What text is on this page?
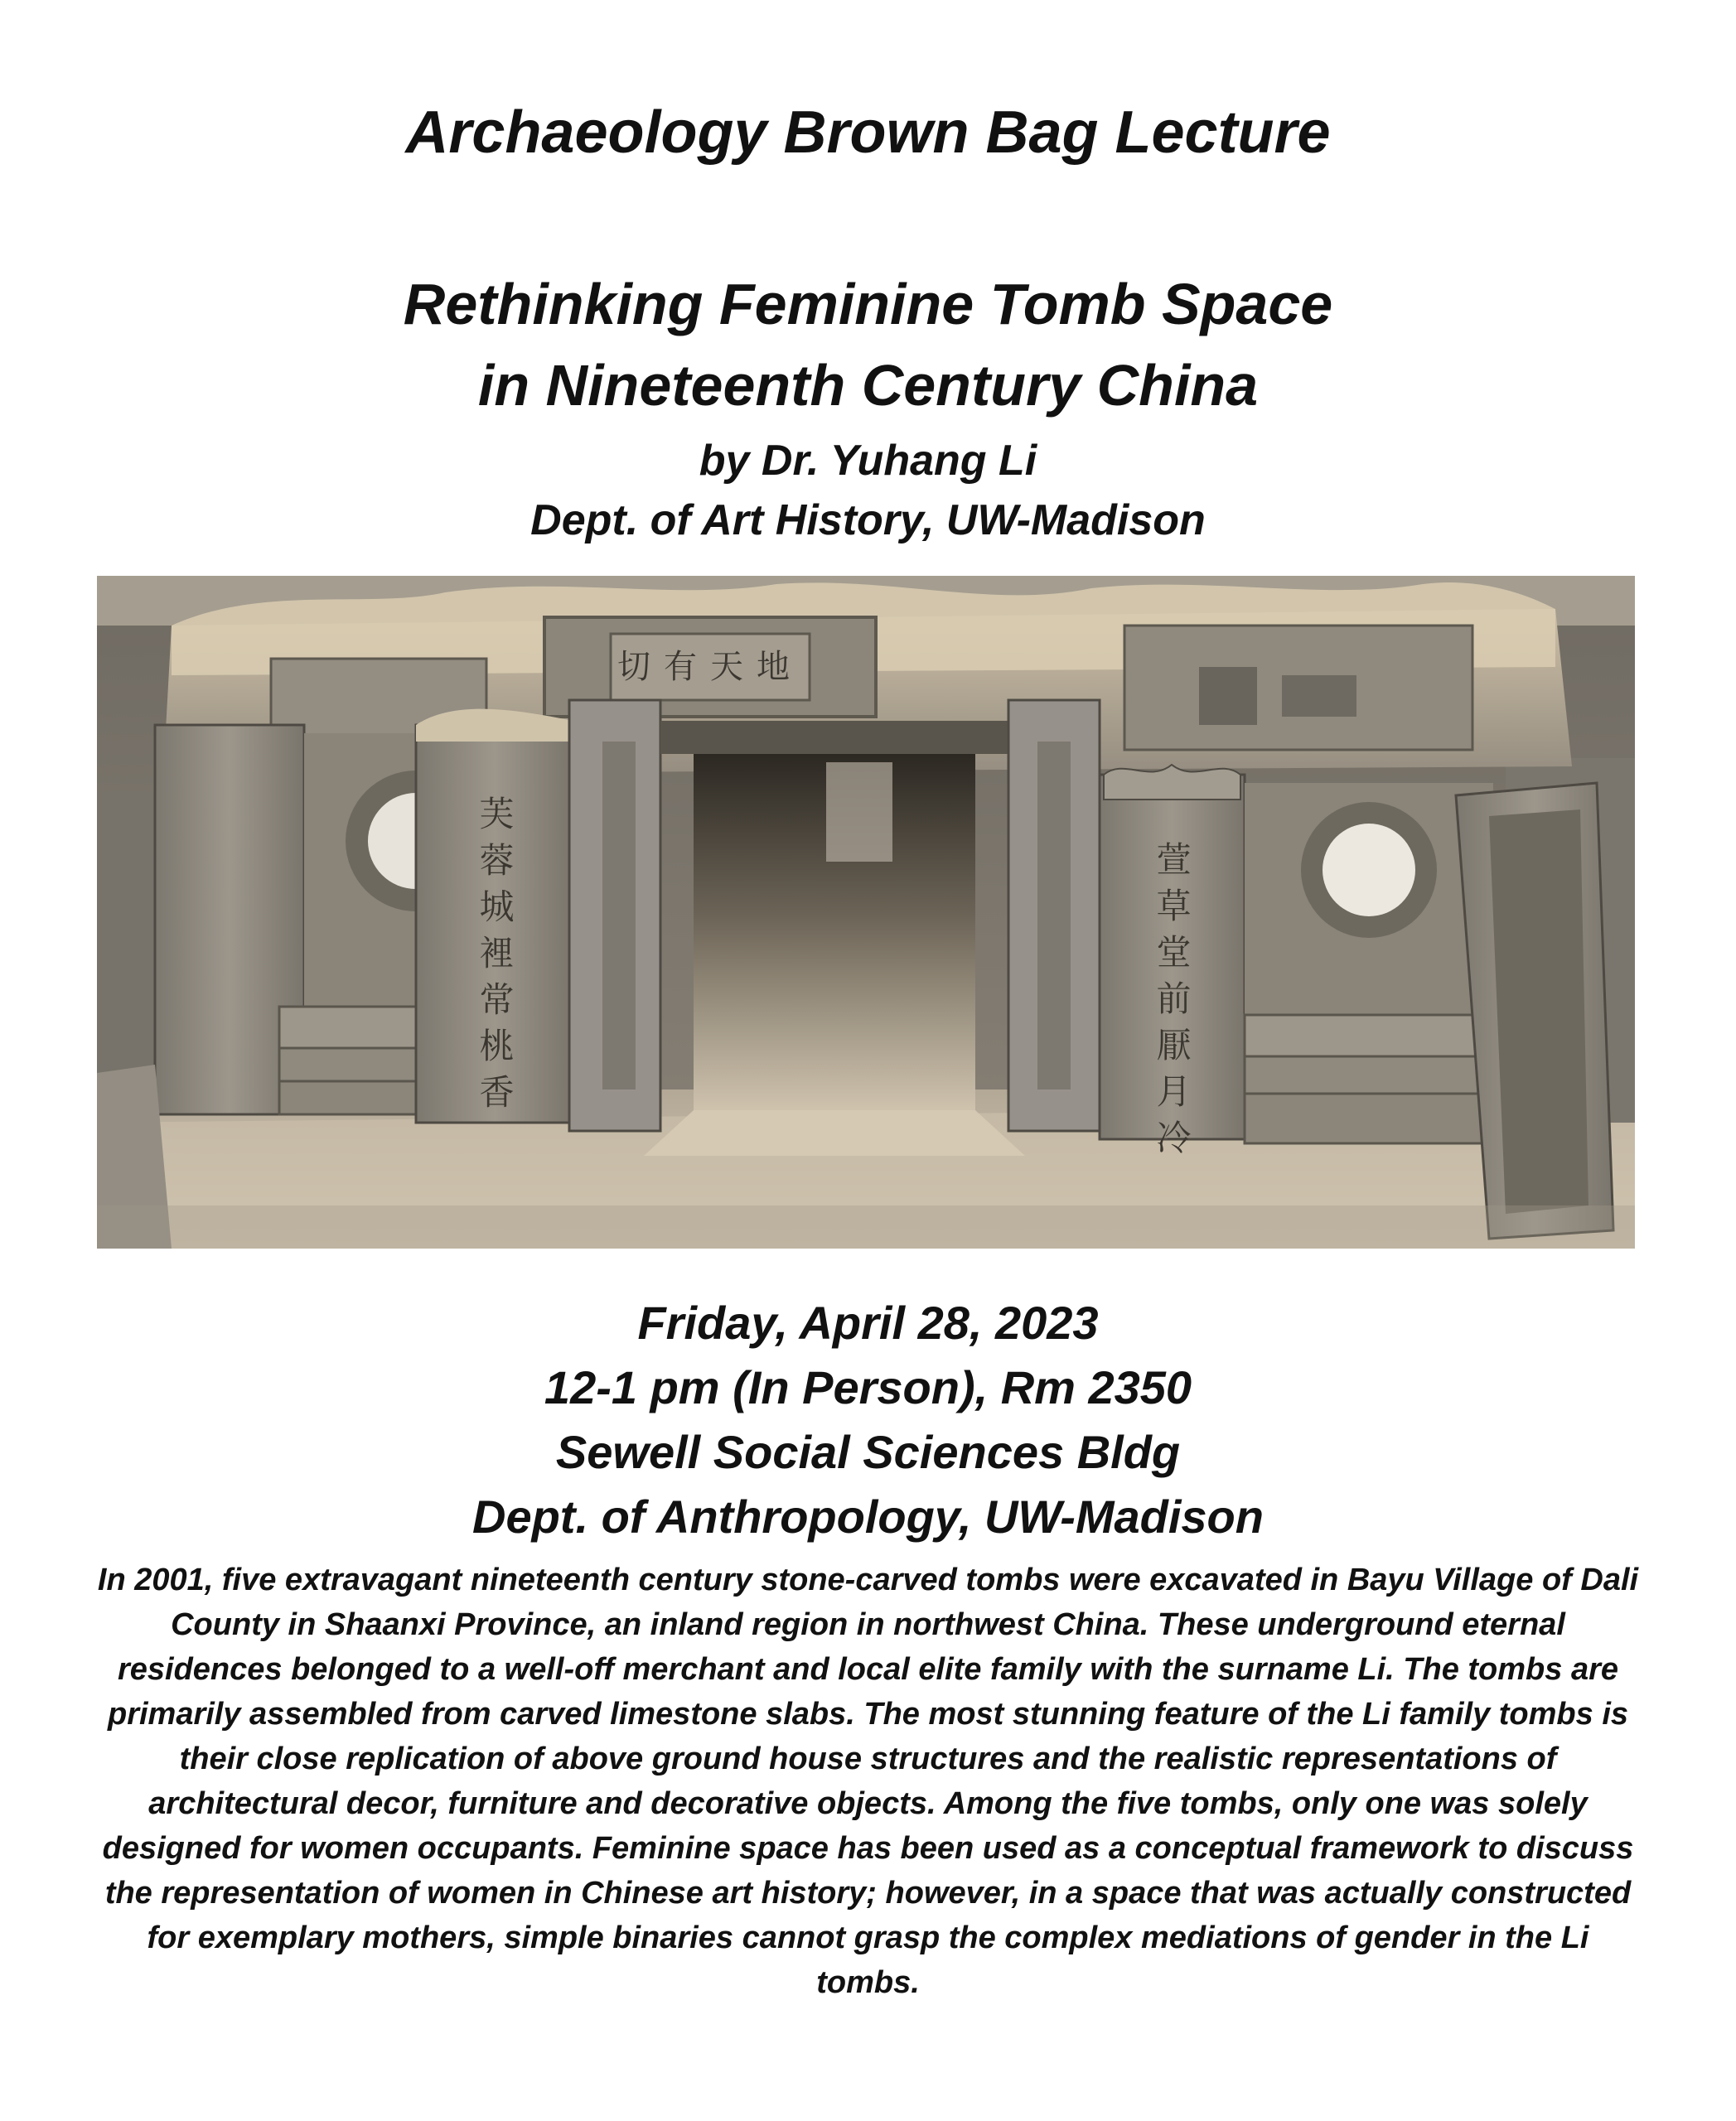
Archaeology Brown Bag Lecture
Rethinking Feminine Tomb Space
in Nineteenth Century China
by Dr. Yuhang Li
Dept. of Art History, UW-Madison
切有天地
芙蓉城裡常桃香	萱草堂前厭月冷
Friday, April 28, 2023
12-1 pm (In Person), Rm 2350
Sewell Social Sciences Bldg
Dept. of Anthropology, UW-Madison
In 2001, five extravagant nineteenth century stone-carved tombs were excavated in Bayu Village of Dali County in Shaanxi Province, an inland region in northwest China. These underground eternal residences belonged to a well-off merchant and local elite family with the surname Li. The tombs are primarily assembled from carved limestone slabs. The most stunning feature of the Li family tombs is their close replication of above ground house structures and the realistic representations of architectural decor, furniture and decorative objects. Among the five tombs, only one was solely designed for women occupants. Feminine space has been used as a conceptual framework to discuss the representation of women in Chinese art history; however, in a space that was actually constructed for exemplary mothers, simple binaries cannot grasp the complex mediations of gender in the Li tombs.
